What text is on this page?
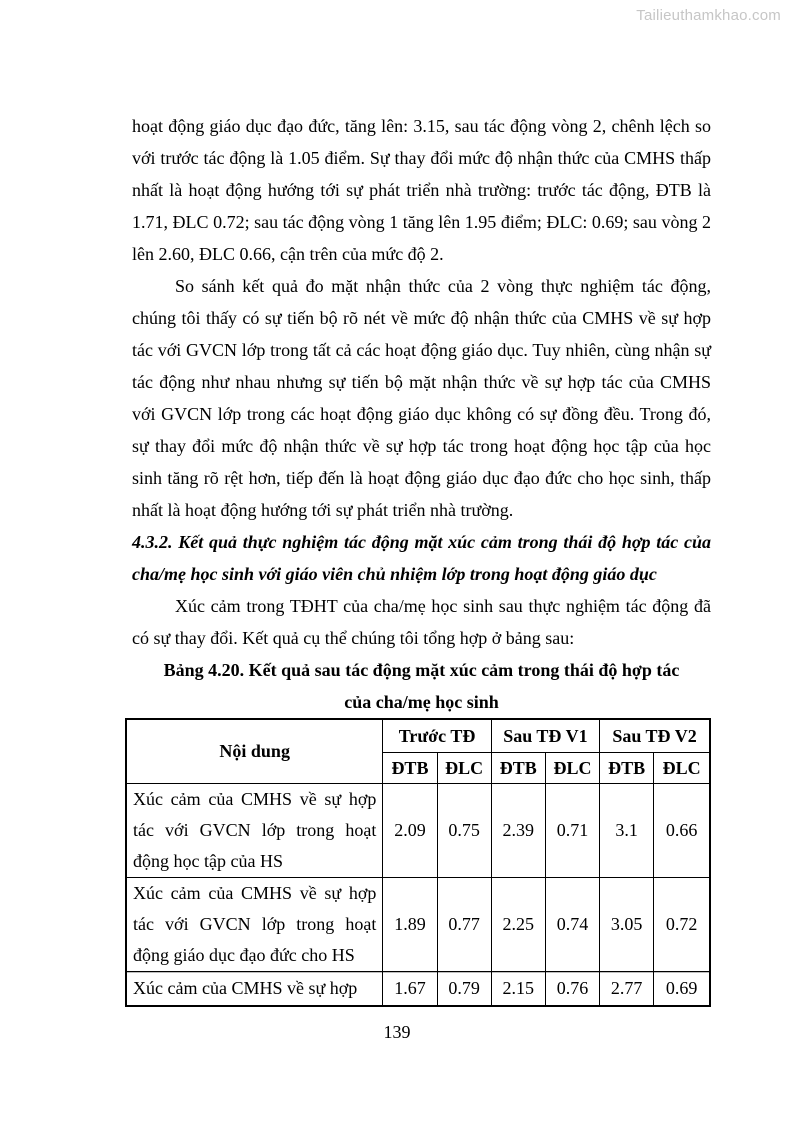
Tailieuthamkhao.com

hoạt động giáo dục đạo đức, tăng lên: 3.15, sau tác động vòng 2, chênh lệch so với trước tác động là 1.05 điểm. Sự thay đổi mức độ nhận thức của CMHS thấp nhất là hoạt động hướng tới sự phát triển nhà trường: trước tác động, ĐTB là 1.71, ĐLC 0.72; sau tác động vòng 1 tăng lên 1.95 điểm; ĐLC: 0.69; sau vòng 2 lên 2.60, ĐLC 0.66, cận trên của mức độ 2.

So sánh kết quả đo mặt nhận thức của 2 vòng thực nghiệm tác động, chúng tôi thấy có sự tiến bộ rõ nét về mức độ nhận thức của CMHS về sự hợp tác với GVCN lớp trong tất cả các hoạt động giáo dục. Tuy nhiên, cùng nhận sự tác động như nhau nhưng sự tiến bộ mặt nhận thức về sự hợp tác của CMHS với GVCN lớp trong các hoạt động giáo dục không có sự đồng đều. Trong đó, sự thay đổi mức độ nhận thức về sự hợp tác trong hoạt động học tập của học sinh tăng rõ rệt hơn, tiếp đến là hoạt động giáo dục đạo đức cho học sinh, thấp nhất là hoạt động hướng tới sự phát triển nhà trường.

4.3.2. Kết quả thực nghiệm tác động mặt xúc cảm trong thái độ hợp tác của cha/mẹ học sinh với giáo viên chủ nhiệm lớp trong hoạt động giáo dục

Xúc cảm trong TĐHT của cha/mẹ học sinh sau thực nghiệm tác động đã có sự thay đổi. Kết quả cụ thể chúng tôi tổng hợp ở bảng sau:

Bảng 4.20. Kết quả sau tác động mặt xúc cảm trong thái độ hợp tác
của cha/mẹ học sinh
Nội dung	Trước TĐ		Sau TĐ V1		Sau TĐ V2	
	ĐTB	ĐLC	ĐTB	ĐLC	ĐTB	ĐLC
Xúc cảm của CMHS về sự hợp tác với GVCN lớp trong hoạt động học tập của HS	2.09	0.75	2.39	0.71	3.1	0.66
Xúc cảm của CMHS về sự hợp tác với GVCN lớp trong hoạt động giáo dục đạo đức cho HS	1.89	0.77	2.25	0.74	3.05	0.72
Xúc cảm của CMHS về sự hợp	1.67	0.79	2.15	0.76	2.77	0.69
139
